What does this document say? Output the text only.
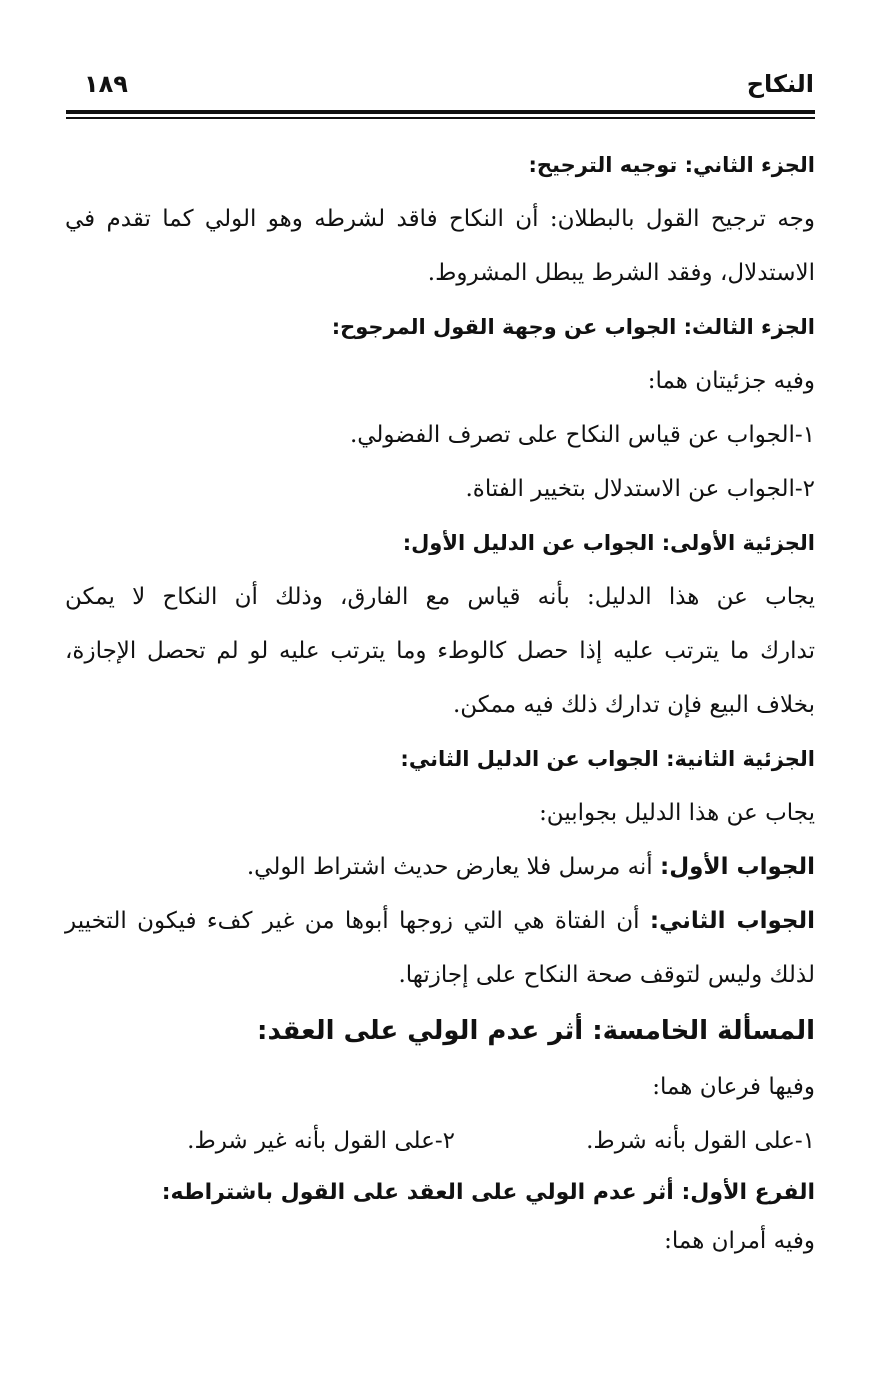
النكاح
١٨٩
الجزء الثاني: توجيه الترجيح:
وجه ترجيح القول بالبطلان: أن النكاح فاقد لشرطه وهو الولي كما تقدم في
الاستدلال، وفقد الشرط يبطل المشروط.
الجزء الثالث: الجواب عن وجهة القول المرجوح:
وفيه جزئيتان هما:
١-الجواب عن قياس النكاح على تصرف الفضولي.
٢-الجواب عن الاستدلال بتخيير الفتاة.
الجزئية الأولى: الجواب عن الدليل الأول:
يجاب عن هذا الدليل: بأنه قياس مع الفارق، وذلك أن النكاح لا يمكن
تدارك ما يترتب عليه إذا حصل كالوطء وما يترتب عليه لو لم تحصل الإجازة،
بخلاف البيع فإن تدارك ذلك فيه ممكن.
الجزئية الثانية: الجواب عن الدليل الثاني:
يجاب عن هذا الدليل بجوابين:
الجواب الأول: أنه مرسل فلا يعارض حديث اشتراط الولي.
الجواب الثاني: أن الفتاة هي التي زوجها أبوها من غير كفء فيكون التخيير
لذلك وليس لتوقف صحة النكاح على إجازتها.
المسألة الخامسة: أثر عدم الولي على العقد:
وفيها فرعان هما:
١-على القول بأنه شرط.
٢-على القول بأنه غير شرط.
الفرع الأول: أثر عدم الولي على العقد على القول باشتراطه:
وفيه أمران هما:
